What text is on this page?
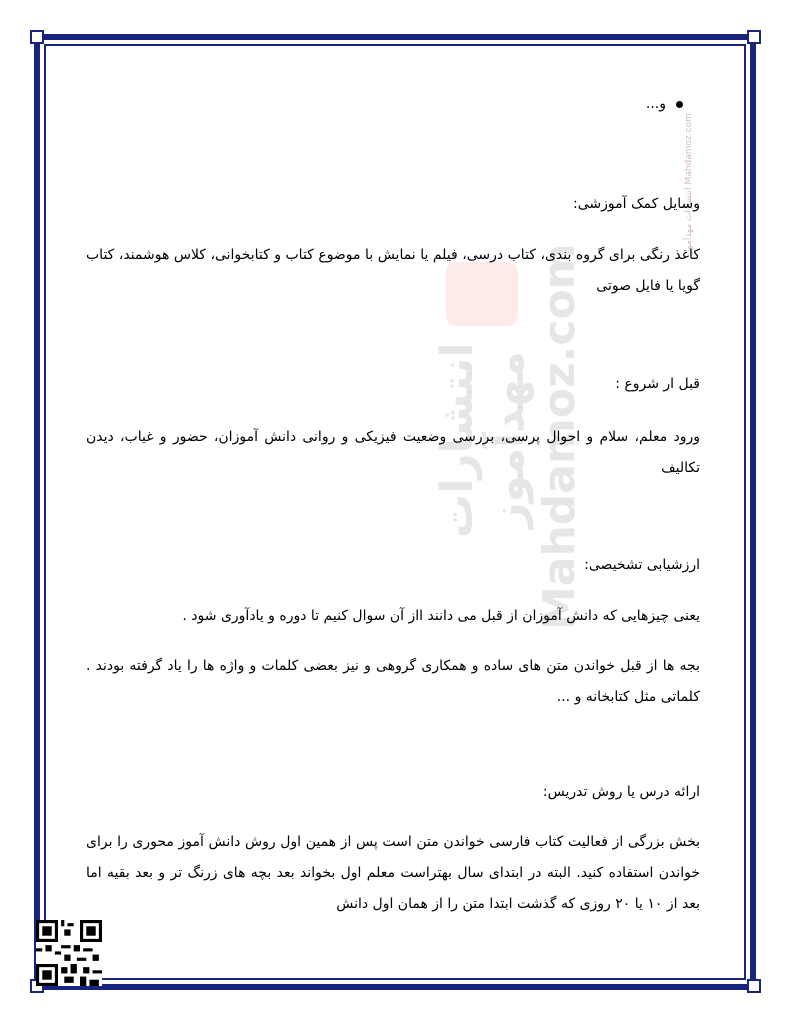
انتشارات مهدآموز Mahdamoz.com
انتشارات مهدآموز Mahdamoz.com
و...
وسایل کمک آموزشی:
کاغذ رنگی برای گروه بندی، کتاب درسی، فیلم یا نمایش با موضوع کتاب و کتابخوانی، کلاس هوشمند، کتاب گویا یا فایل صوتی
قبل ار شروع :
ورود معلم، سلام و احوال پرسی، بررسی وضعیت فیزیکی و روانی دانش آموزان، حضور و غیاب، دیدن تکالیف
ارزشیابی تشخیصی:
یعنی چیزهایی که دانش آموزان از قبل می دانند ااز آن سوال کنیم تا دوره و یادآوری شود .
بجه ها از قبل خواندن متن های ساده و همکاری گروهی و نیز بعضی کلمات و واژه ها را یاد گرفته بودند . کلماتی مثل کتابخانه و ...
ارائه درس یا روش تدریس:
بخش بزرگی از فعالیت کتاب فارسی خواندن متن است پس از همین اول روش دانش آموز محوری را برای خواندن استفاده کنید. البته در ابتدای سال بهتراست معلم اول بخواند بعد بچه های زرنگ تر و بعد بقیه اما بعد از ۱۰ یا ۲۰ روزی که گذشت ابتدا متن را از همان اول دانش
